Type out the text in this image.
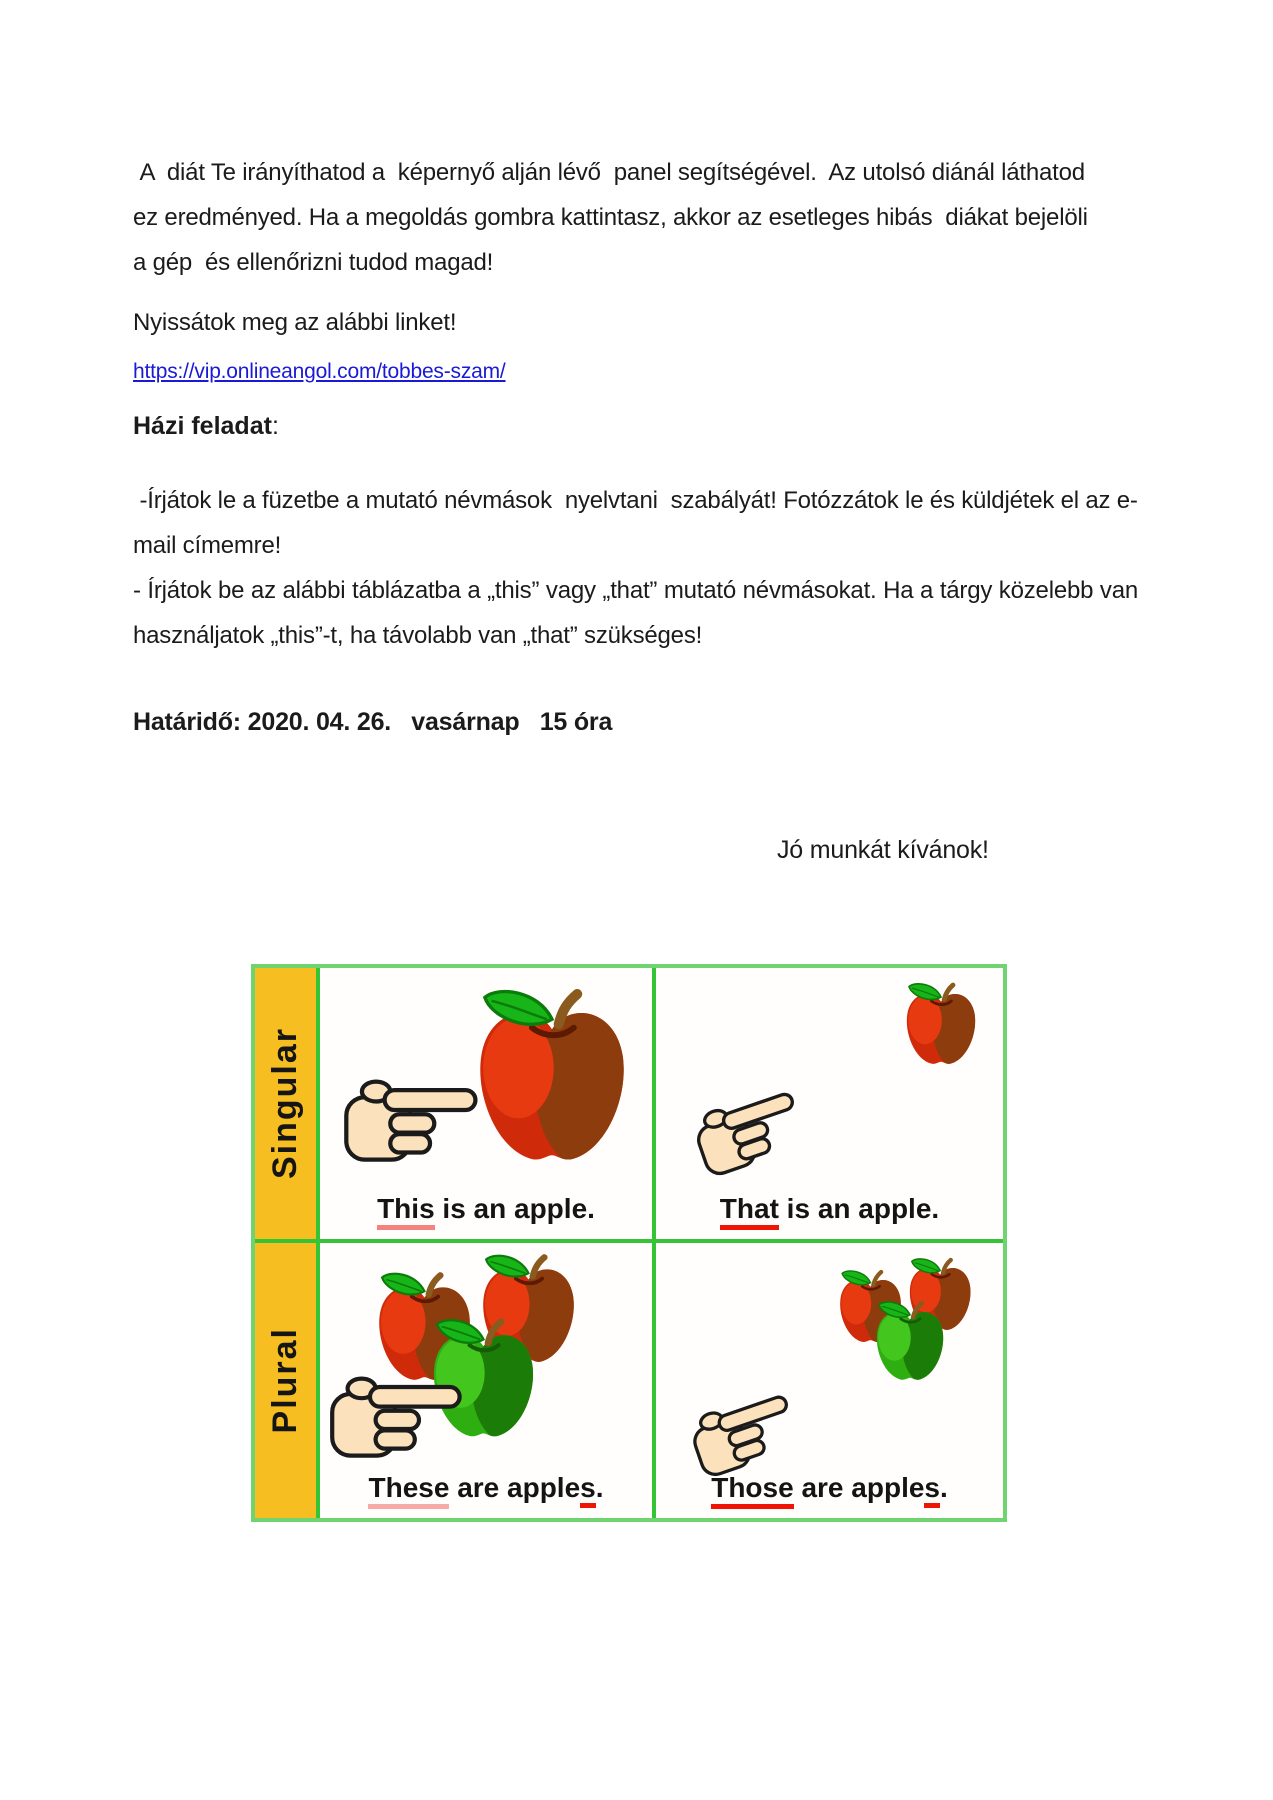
A  diát Te irányíthatod a  képernyő alján lévő  panel segítségével.  Az utolsó diánál láthatod ez eredményed. Ha a megoldás gombra kattintasz, akkor az esetleges hibás  diákat bejelöli a gép  és ellenőrizni tudod magad!

Nyissátok meg az alábbi linket!

https://vip.onlineangol.com/tobbes-szam/

Házi feladat:

-Írjátok le a füzetbe a mutató névmások  nyelvtani  szabályát! Fotózzátok le és küldjétek el az e-mail címemre!

- Írjátok be az alábbi táblázatba a „this” vagy „that” mutató névmásokat. Ha a tárgy közelebb van használjatok „this”-t, ha távolabb van „that” szükséges!

Határidő: 2020. 04. 26.   vasárnap   15 óra

Jó munkát kívánok!

Singular
This is an apple.	That is an apple.
Plural
These are apples.	Those are apples.
